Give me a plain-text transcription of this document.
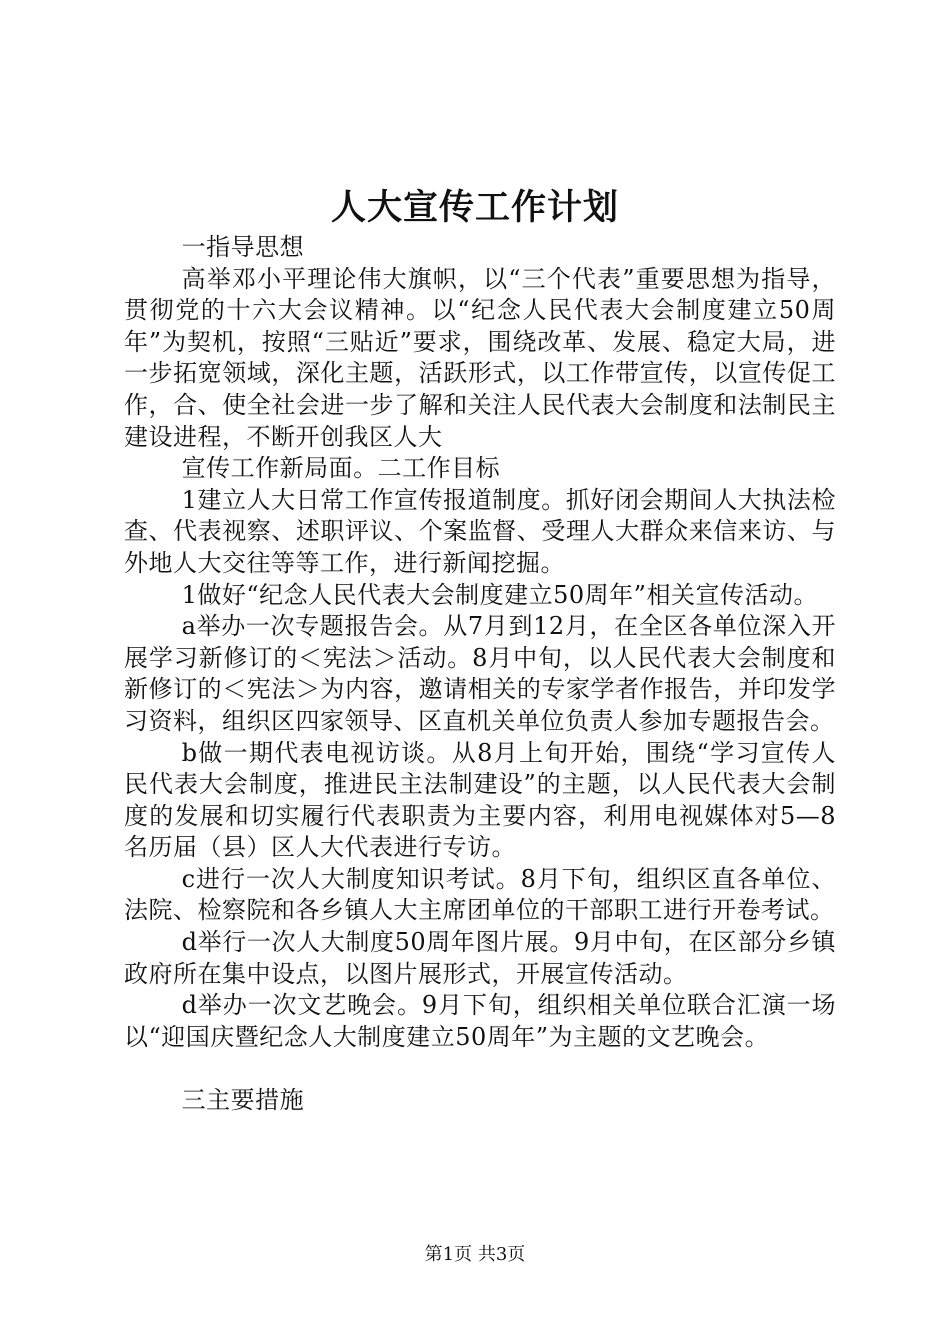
人大宣传工作计划

一指导思想

高举邓小平理论伟大旗帜，以“三个代表”重要思想为指导，贯彻党的十六大会议精神。以“纪念人民代表大会制度建立50周年”为契机，按照“三贴近”要求，围绕改革、发展、稳定大局，进一步拓宽领域，深化主题，活跃形式，以工作带宣传，以宣传促工作，合、使全社会进一步了解和关注人民代表大会制度和法制民主建设进程，不断开创我区人大

宣传工作新局面。二工作目标

1建立人大日常工作宣传报道制度。抓好闭会期间人大执法检查、代表视察、述职评议、个案监督、受理人大群众来信来访、与外地人大交往等等工作，进行新闻挖掘。

1做好“纪念人民代表大会制度建立50周年”相关宣传活动。

a举办一次专题报告会。从7月到12月，在全区各单位深入开展学习新修订的＜宪法＞活动。8月中旬，以人民代表大会制度和新修订的＜宪法＞为内容，邀请相关的专家学者作报告，并印发学习资料，组织区四家领导、区直机关单位负责人参加专题报告会。

b做一期代表电视访谈。从8月上旬开始，围绕“学习宣传人民代表大会制度，推进民主法制建设”的主题，以人民代表大会制度的发展和切实履行代表职责为主要内容，利用电视媒体对5—8名历届（县）区人大代表进行专访。

c进行一次人大制度知识考试。8月下旬，组织区直各单位、法院、检察院和各乡镇人大主席团单位的干部职工进行开卷考试。

d举行一次人大制度50周年图片展。9月中旬，在区部分乡镇政府所在集中设点，以图片展形式，开展宣传活动。

d举办一次文艺晚会。9月下旬，组织相关单位联合汇演一场以“迎国庆暨纪念人大制度建立50周年”为主题的文艺晚会。

三主要措施

第1页 共3页
